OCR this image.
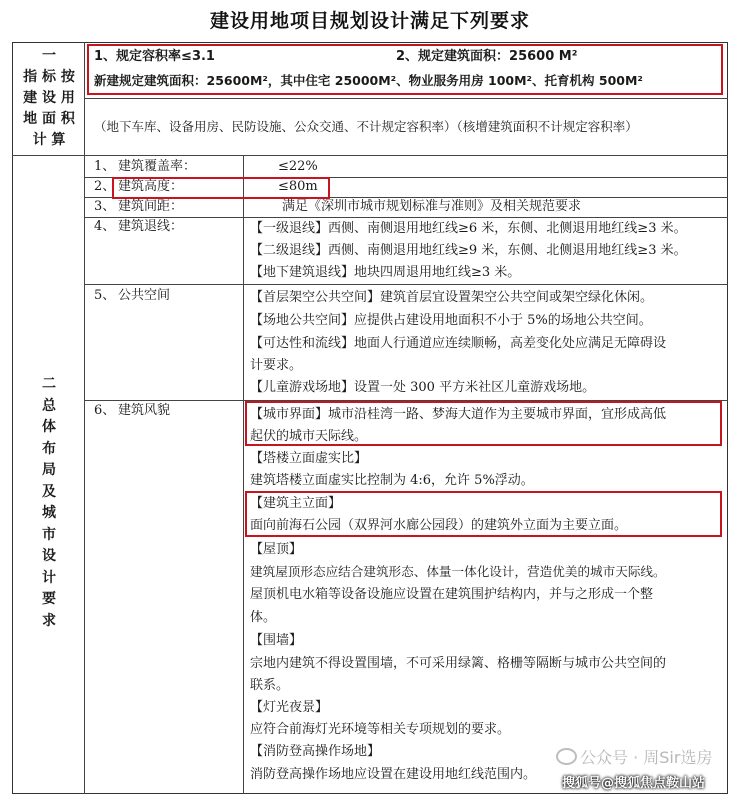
建设用地项目规划设计满足下列要求
一
指 标 按
建 设 用
地 面 积
计 算
1、规定容积率≤3.1	2、规定建筑面积：25600 M²
新建规定建筑面积：25600M²，其中住宅 25000M²、物业服务用房 100M²、托育机构 500M²
（地下车库、设备用房、民防设施、公众交通、不计规定容积率）（核增建筑面积不计规定容积率）
二
总
体
布
局
及
城
市
设
计
要
求
1、 建筑覆盖率：	≤22%
2、 建筑高度：	≤80m
3、 建筑间距：	满足《深圳市城市规划标准与准则》及相关规范要求
4、 建筑退线：	【一级退线】西侧、南侧退用地红线≥6 米，东侧、北侧退用地红线≥3 米。
【二级退线】西侧、南侧退用地红线≥9 米，东侧、北侧退用地红线≥3 米。
【地下建筑退线】地块四周退用地红线≥3 米。
5、 公共空间	【首层架空公共空间】建筑首层宜设置架空公共空间或架空绿化休闲。
【场地公共空间】应提供占建设用地面积不小于 5%的场地公共空间。
【可达性和流线】地面人行通道应连续顺畅，高差变化处应满足无障碍设
计要求。
【儿童游戏场地】设置一处 300 平方米社区儿童游戏场地。
6、 建筑风貌	【城市界面】城市沿桂湾一路、梦海大道作为主要城市界面，宜形成高低
起伏的城市天际线。
【塔楼立面虚实比】
建筑塔楼立面虚实比控制为 4:6，允许 5%浮动。
【建筑主立面】
面向前海石公园（双界河水廊公园段）的建筑外立面为主要立面。
【屋顶】
建筑屋顶形态应结合建筑形态、体量一体化设计，营造优美的城市天际线。
屋顶机电水箱等设备设施应设置在建筑围护结构内，并与之形成一个整
体。
【围墙】
宗地内建筑不得设置围墙，不可采用绿篱、格栅等隔断与城市公共空间的
联系。
【灯光夜景】
应符合前海灯光环境等相关专项规划的要求。
【消防登高操作场地】
消防登高操作场地应设置在建设用地红线范围内。
公众号 · 周Sir选房
搜狐号@搜狐焦点鞍山站
